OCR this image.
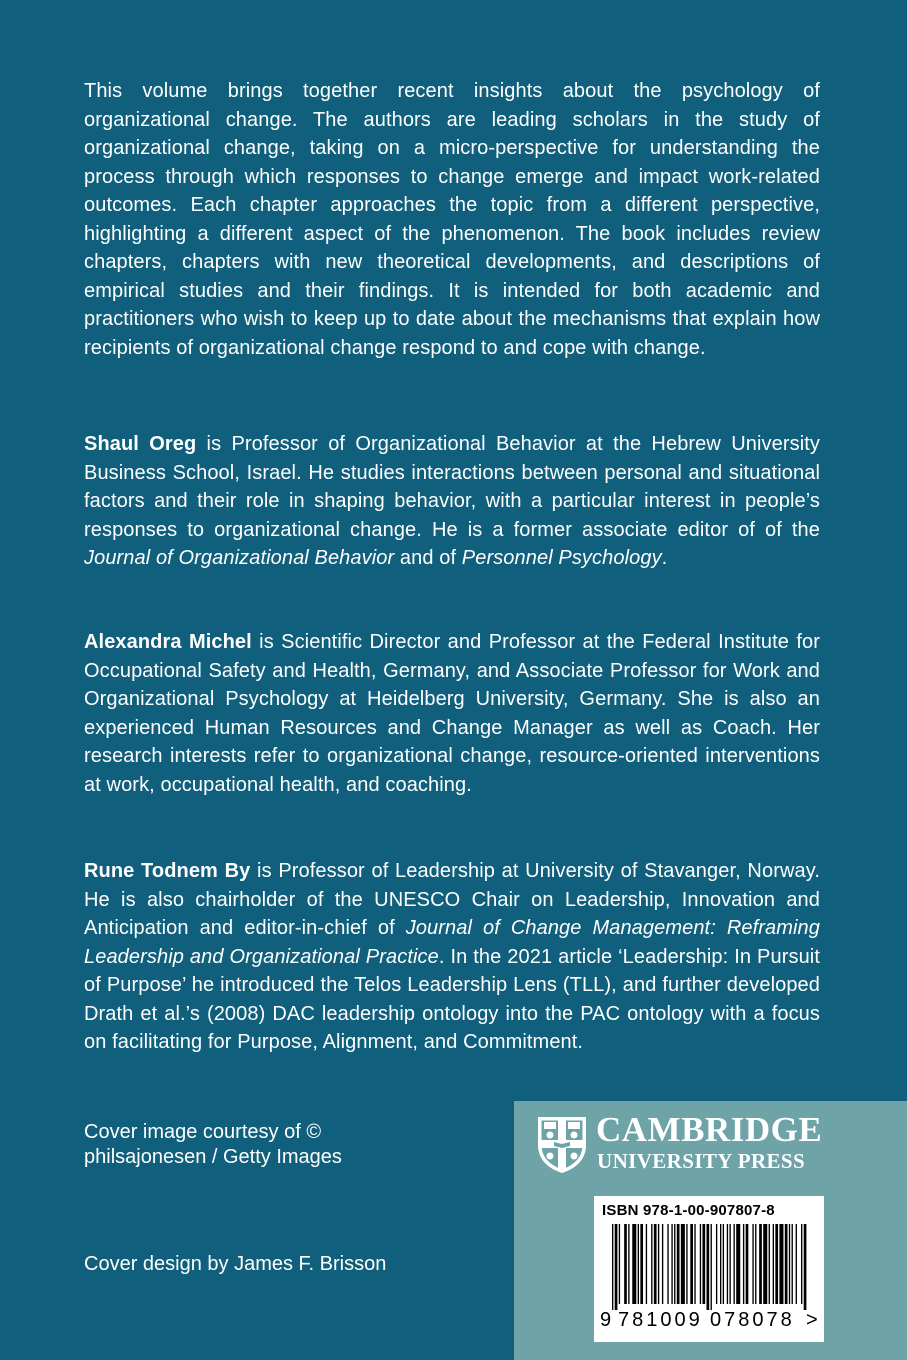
This volume brings together recent insights about the psychology of organizational change. The authors are leading scholars in the study of organizational change, taking on a micro-perspective for understanding the process through which responses to change emerge and impact work-related outcomes. Each chapter approaches the topic from a different perspective, highlighting a different aspect of the phenomenon. The book includes review chapters, chapters with new theoretical developments, and descriptions of empirical studies and their findings. It is intended for both academic and practitioners who wish to keep up to date about the mechanisms that explain how recipients of organizational change respond to and cope with change.

Shaul Oreg is Professor of Organizational Behavior at the Hebrew University Business School, Israel. He studies interactions between personal and situational factors and their role in shaping behavior, with a particular interest in people’s responses to organizational change. He is a former associate editor of of the Journal of Organizational Behavior and of Personnel Psychology.

Alexandra Michel is Scientific Director and Professor at the Federal Institute for Occupational Safety and Health, Germany, and Associate Professor for Work and Organizational Psychology at Heidelberg University, Germany. She is also an experienced Human Resources and Change Manager as well as Coach. Her research interests refer to organizational change, resource-oriented interventions at work, occupational health, and coaching.

Rune Todnem By is Professor of Leadership at University of Stavanger, Norway. He is also chairholder of the UNESCO Chair on Leadership, Innovation and Anticipation and editor-in-chief of Journal of Change Management: Reframing Leadership and Organizational Practice. In the 2021 article ‘Leadership: In Pursuit of Purpose’ he introduced the Telos Leadership Lens (TLL), and further developed Drath et al.’s (2008) DAC leadership ontology into the PAC ontology with a focus on facilitating for Purpose, Alignment, and Commitment.

Cover image courtesy of ©
philsajonesen / Getty Images

Cover design by James F. Brisson

CAMBRIDGE
UNIVERSITY PRESS
ISBN 978-1-00-907807-8
9 781009 078078 >
